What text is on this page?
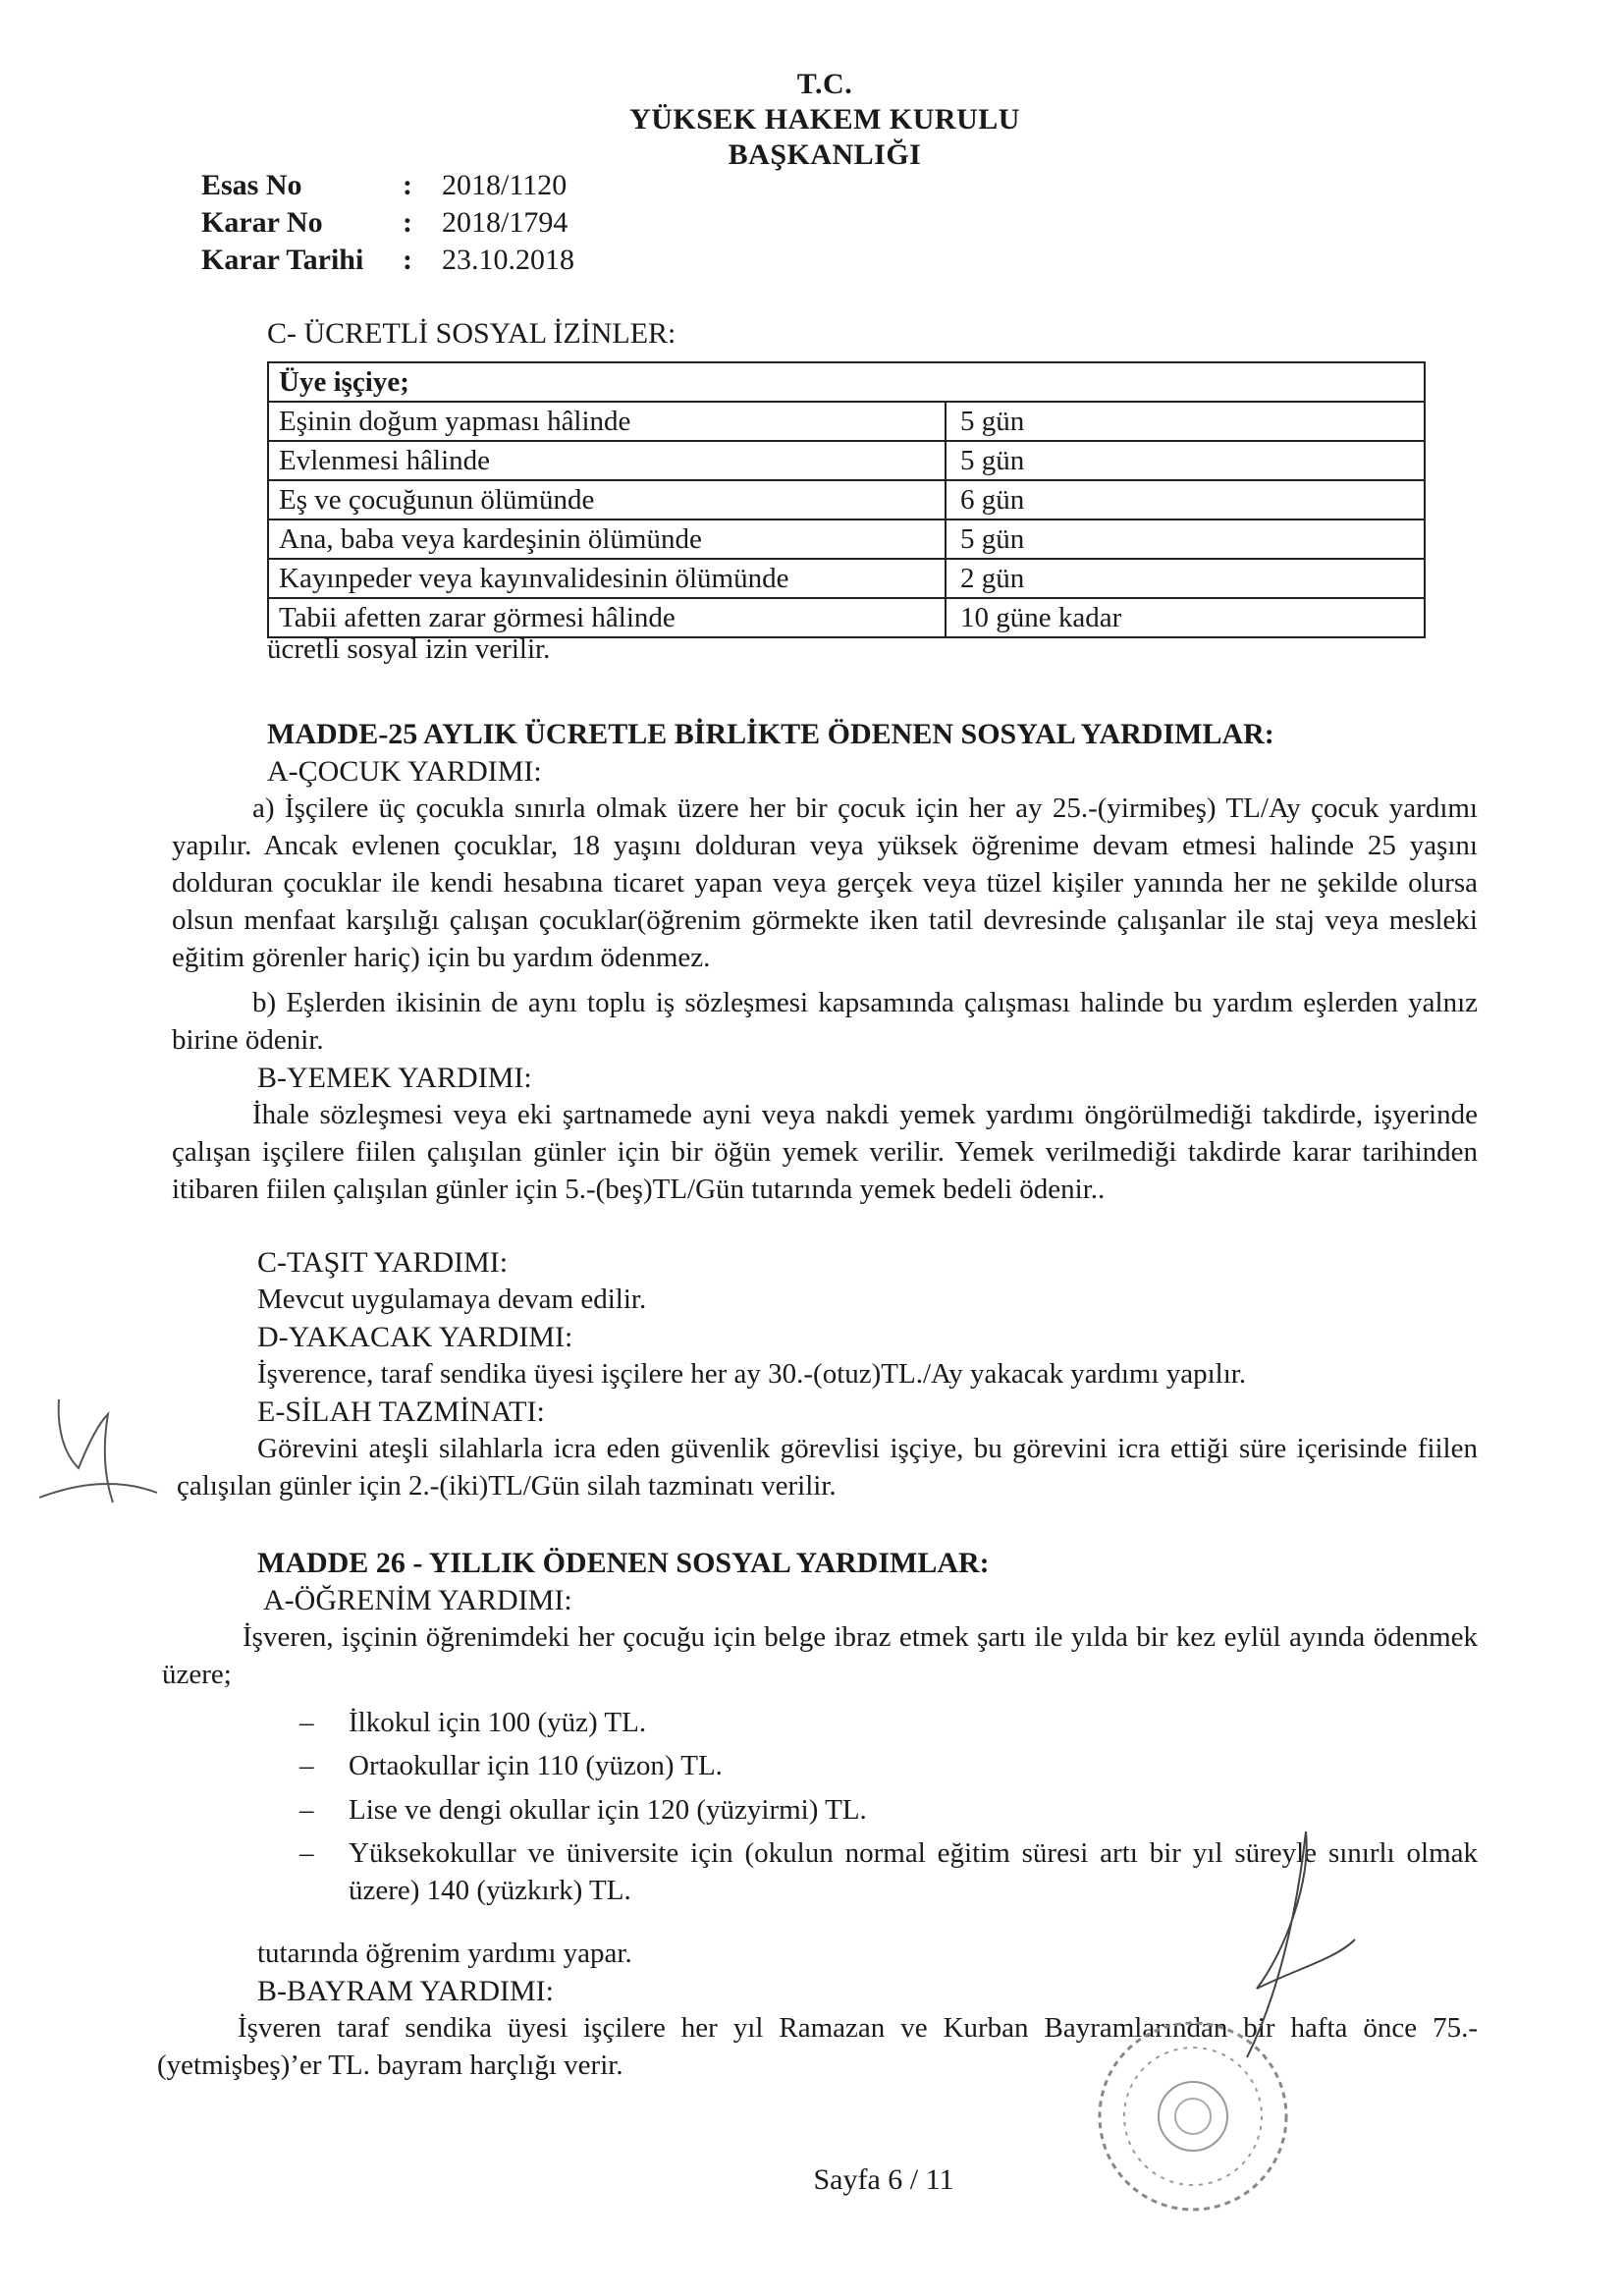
T.C.
YÜKSEK HAKEM KURULU
BAŞKANLIĞI
Esas No	:	2018/1120
Karar No	:	2018/1794
Karar Tarihi	:	23.10.2018
C- ÜCRETLİ SOSYAL İZİNLER:
Üye işçiye;	
Eşinin doğum yapması hâlinde	5 gün
Evlenmesi hâlinde	5 gün
Eş ve çocuğunun ölümünde	6 gün
Ana, baba veya kardeşinin ölümünde	5 gün
Kayınpeder veya kayınvalidesinin ölümünde	2 gün
Tabii afetten zarar görmesi hâlinde	10 güne kadar
ücretli sosyal izin verilir.
MADDE-25 AYLIK ÜCRETLE BİRLİKTE ÖDENEN SOSYAL YARDIMLAR:
A-ÇOCUK YARDIMI:
a) İşçilere üç çocukla sınırla olmak üzere her bir çocuk için her ay 25.-(yirmibeş) TL/Ay çocuk yardımı yapılır. Ancak evlenen çocuklar, 18 yaşını dolduran veya yüksek öğrenime devam etmesi halinde 25 yaşını dolduran çocuklar ile kendi hesabına ticaret yapan veya gerçek veya tüzel kişiler yanında her ne şekilde olursa olsun menfaat karşılığı çalışan çocuklar(öğrenim görmekte iken tatil devresinde çalışanlar ile staj veya mesleki eğitim görenler hariç) için bu yardım ödenmez.
b) Eşlerden ikisinin de aynı toplu iş sözleşmesi kapsamında çalışması halinde bu yardım eşlerden yalnız birine ödenir.
B-YEMEK YARDIMI:
İhale sözleşmesi veya eki şartnamede ayni veya nakdi yemek yardımı öngörülmediği takdirde, işyerinde çalışan işçilere fiilen çalışılan günler için bir öğün yemek verilir. Yemek verilmediği takdirde karar tarihinden itibaren fiilen çalışılan günler için 5.-(beş)TL/Gün tutarında yemek bedeli ödenir..
C-TAŞIT YARDIMI:
Mevcut uygulamaya devam edilir.
D-YAKACAK YARDIMI:
İşverence, taraf sendika üyesi işçilere her ay 30.-(otuz)TL./Ay yakacak yardımı yapılır.
E-SİLAH TAZMİNATI:
Görevini ateşli silahlarla icra eden güvenlik görevlisi işçiye, bu görevini icra ettiği süre içerisinde fiilen çalışılan günler için 2.-(iki)TL/Gün silah tazminatı verilir.
MADDE 26 - YILLIK ÖDENEN SOSYAL YARDIMLAR:
A-ÖĞRENİM YARDIMI:
İşveren, işçinin öğrenimdeki her çocuğu için belge ibraz etmek şartı ile yılda bir kez eylül ayında ödenmek üzere;
–	İlkokul için 100 (yüz) TL.
–	Ortaokullar için 110 (yüzon) TL.
–	Lise ve dengi okullar için 120 (yüzyirmi) TL.
–	Yüksekokullar ve üniversite için (okulun normal eğitim süresi artı bir yıl süreyle sınırlı olmak üzere) 140 (yüzkırk) TL.
tutarında öğrenim yardımı yapar.
B-BAYRAM YARDIMI:
İşveren taraf sendika üyesi işçilere her yıl Ramazan ve Kurban Bayramlarından bir hafta önce 75.-(yetmişbeş)’er TL. bayram harçlığı verir.
Sayfa 6 / 11
